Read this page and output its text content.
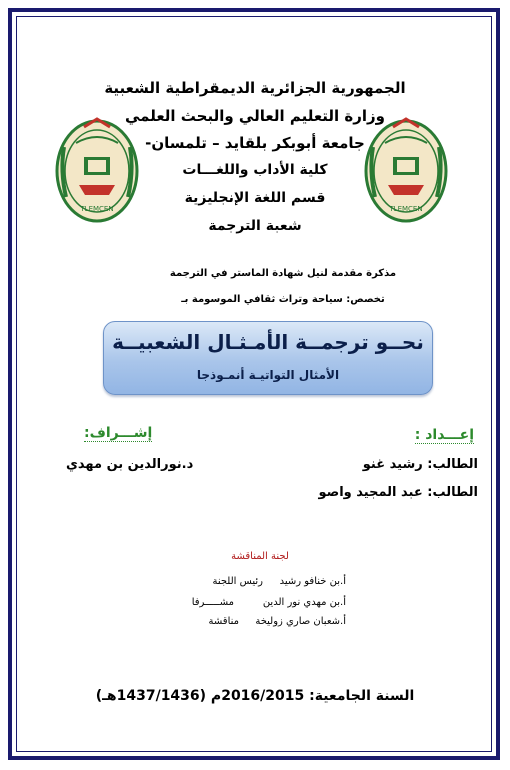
TLEMCEN	TLEMCEN
الجمهورية الجزائرية الديمقراطية الشعبية
وزارة التعليم العالي والبحث العلمي
جامعة أبوبكر بلقايد – تلمسان-
كلية الأداب واللغـــات
قسم اللغة الإنجليزية
شعبة الترجمة
مذكرة مقدمة لنيل شهادة الماستر في الترجمة
تخصص: سياحة وتراث ثقافي الموسومة بـ
نحــو ترجمــة الأمـثـال الشعبيــة
الأمثال التواتيـة أنمـوذجا
إعـــداد :
الطالب: رشيد غنو
الطالب: عبد المجيد واصو
إشـــراف:
د.نورالدين بن مهدي
لجنة المناقشة
أ.بن خنافو رشيد
رئيس اللجنة
أ.بن مهدي نور الدين
مشـــــرفا
أ.شعبان صاري زوليخة
مناقشة
السنة الجامعية: 2016/2015م (1437/1436هـ)
